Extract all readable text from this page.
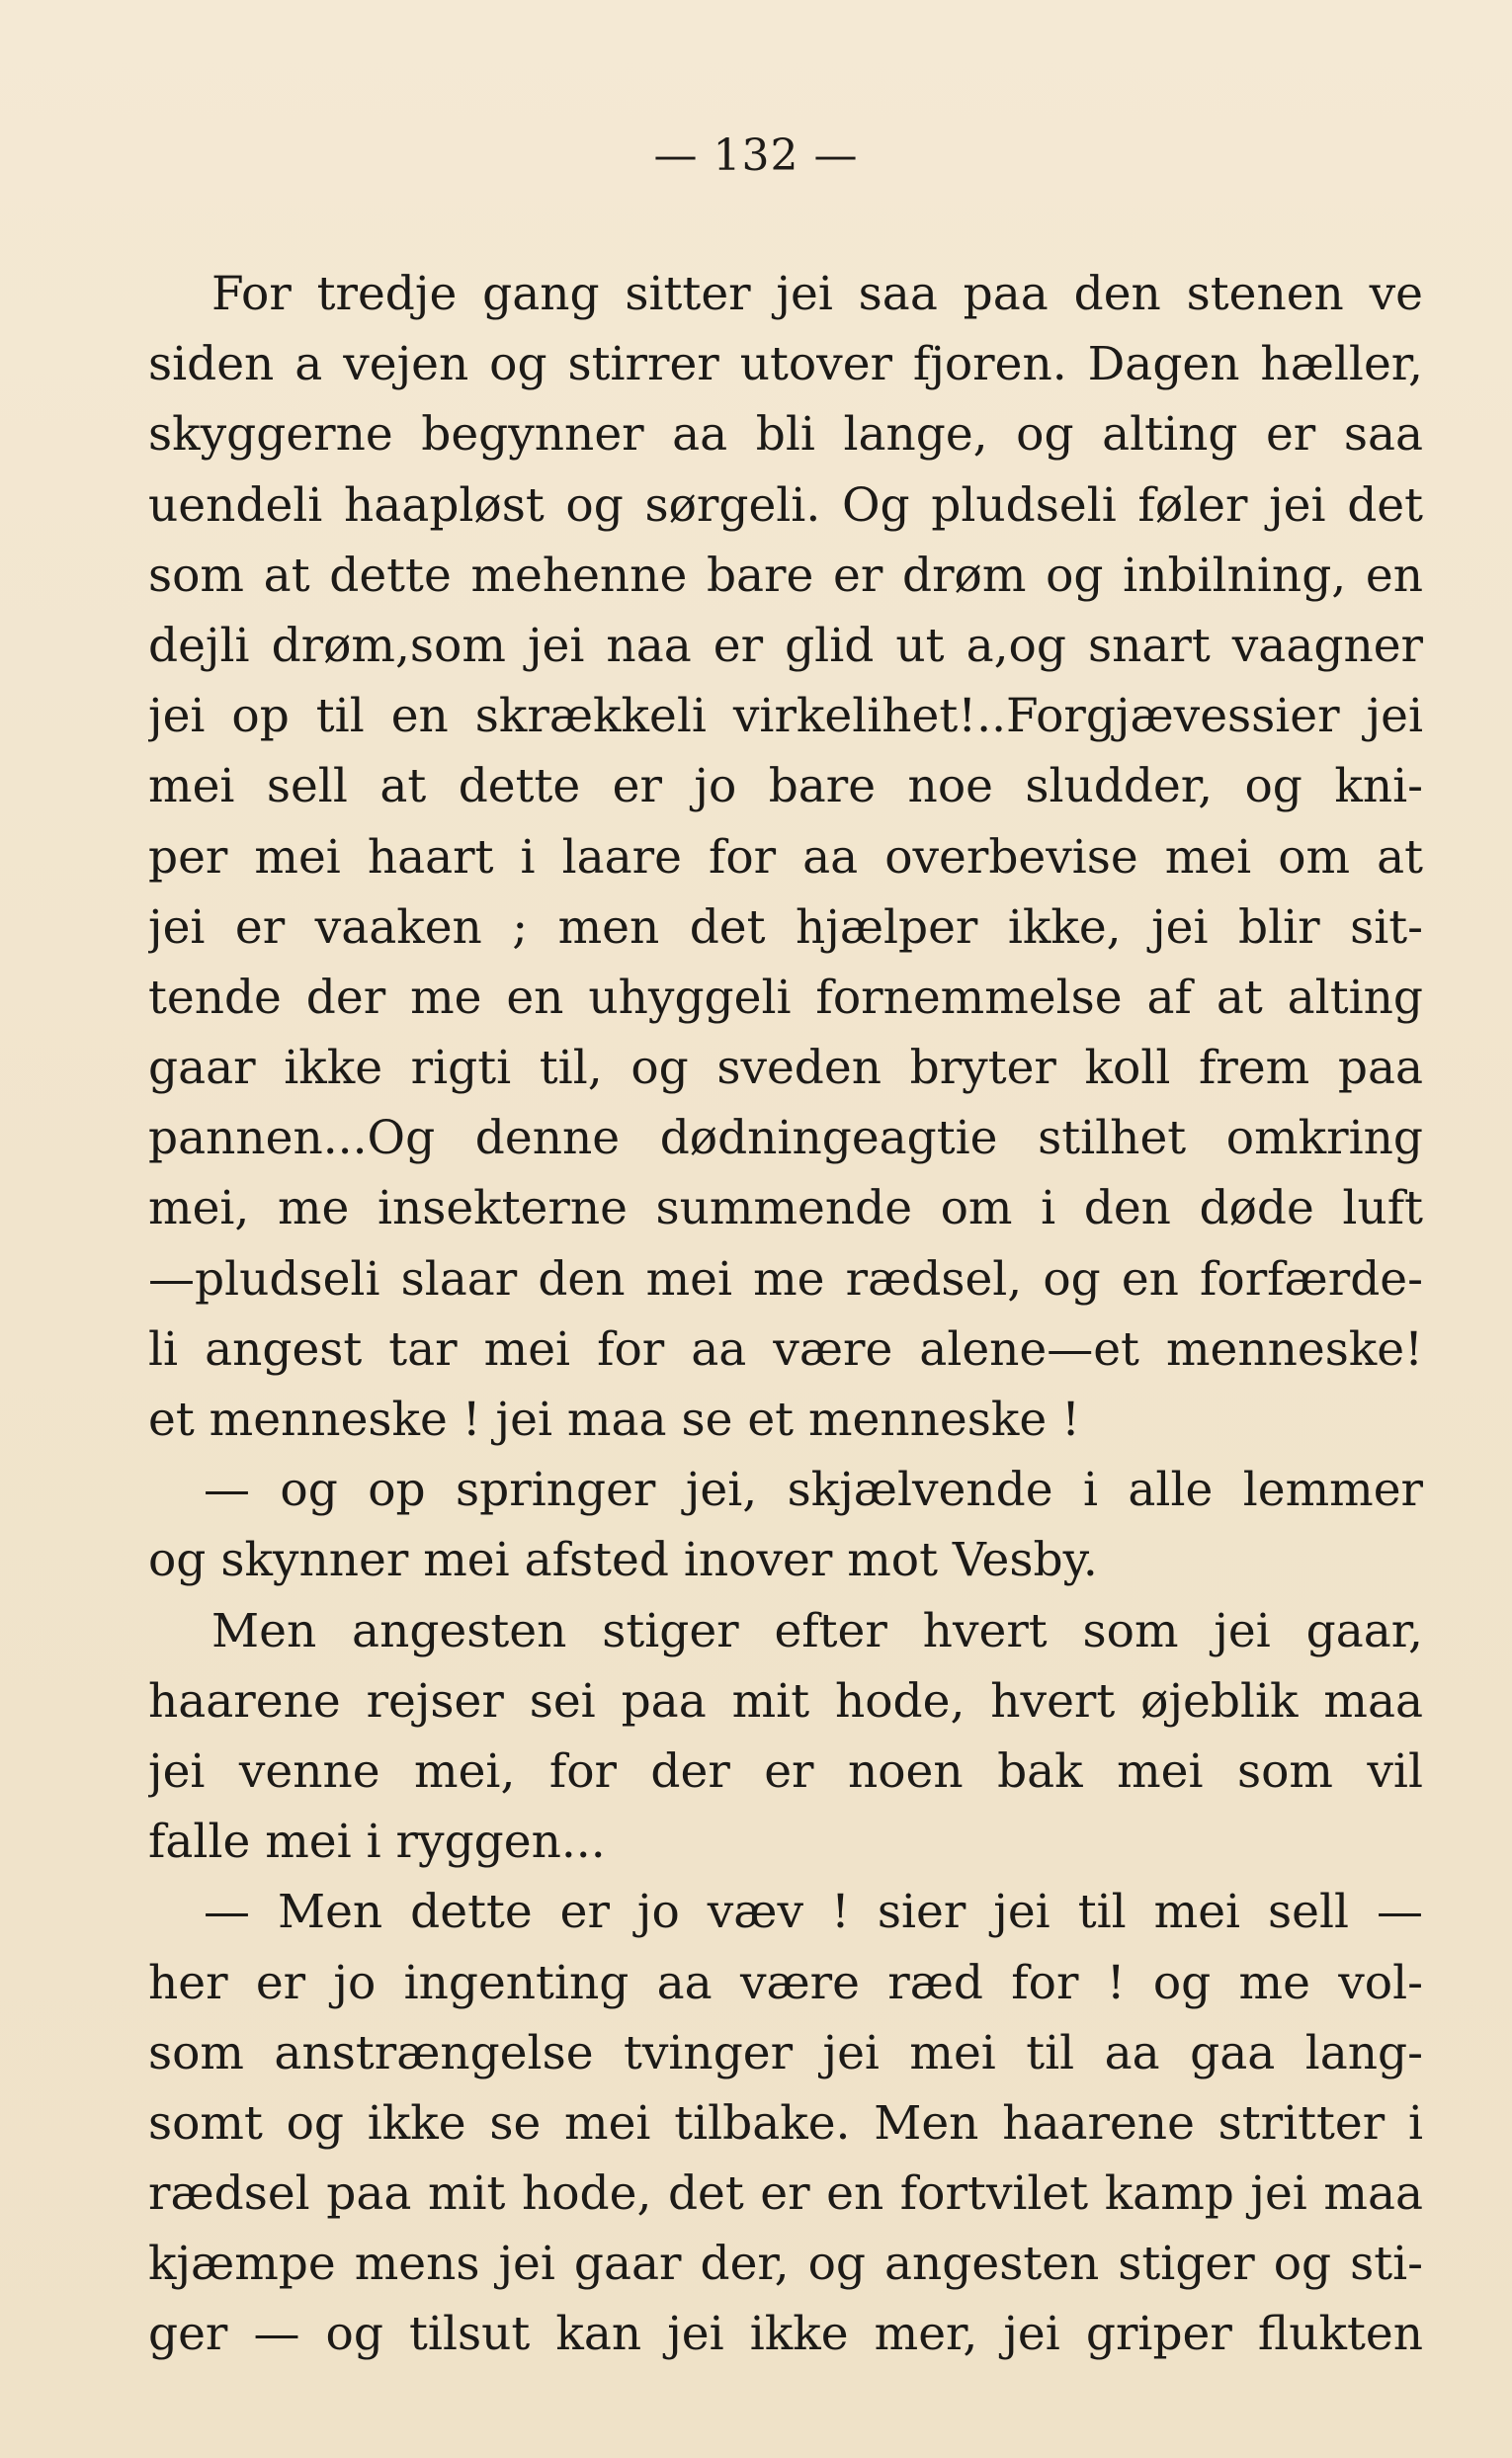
— 132 —
For tredje gang sitter jei saa paa den stenen ve
siden a vejen og stirrer utover fjoren. Dagen hæller,
skyggerne begynner aa bli lange, og alting er saa
uendeli haapløst og sørgeli. Og pludseli føler jei det
som at dette mehenne bare er drøm og inbilning, en
dejli drøm,som jei naa er glid ut a,og snart vaagner
jei op til en skrækkeli virkelihet!..Forgjævessier jei
mei sell at dette er jo bare noe sludder, og kni-
per mei haart i laare for aa overbevise mei om at
jei er vaaken ; men det hjælper ikke, jei blir sit-
tende der me en uhyggeli fornemmelse af at alting
gaar ikke rigti til, og sveden bryter koll frem paa
pannen...Og denne dødningeagtie stilhet omkring
mei, me insekterne summende om i den døde luft
—pludseli slaar den mei me rædsel, og en forfærde-
li angest tar mei for aa være alene—et menneske!
et menneske ! jei maa se et menneske !
— og op springer jei, skjælvende i alle lemmer
og skynner mei afsted inover mot Vesby.
Men angesten stiger efter hvert som jei gaar,
haarene rejser sei paa mit hode, hvert øjeblik maa
jei venne mei, for der er noen bak mei som vil
falle mei i ryggen...
— Men dette er jo væv ! sier jei til mei sell —
her er jo ingenting aa være ræd for ! og me vol-
som anstrængelse tvinger jei mei til aa gaa lang-
somt og ikke se mei tilbake. Men haarene stritter i
rædsel paa mit hode, det er en fortvilet kamp jei maa
kjæmpe mens jei gaar der, og angesten stiger og sti-
ger — og tilsut kan jei ikke mer, jei griper flukten
